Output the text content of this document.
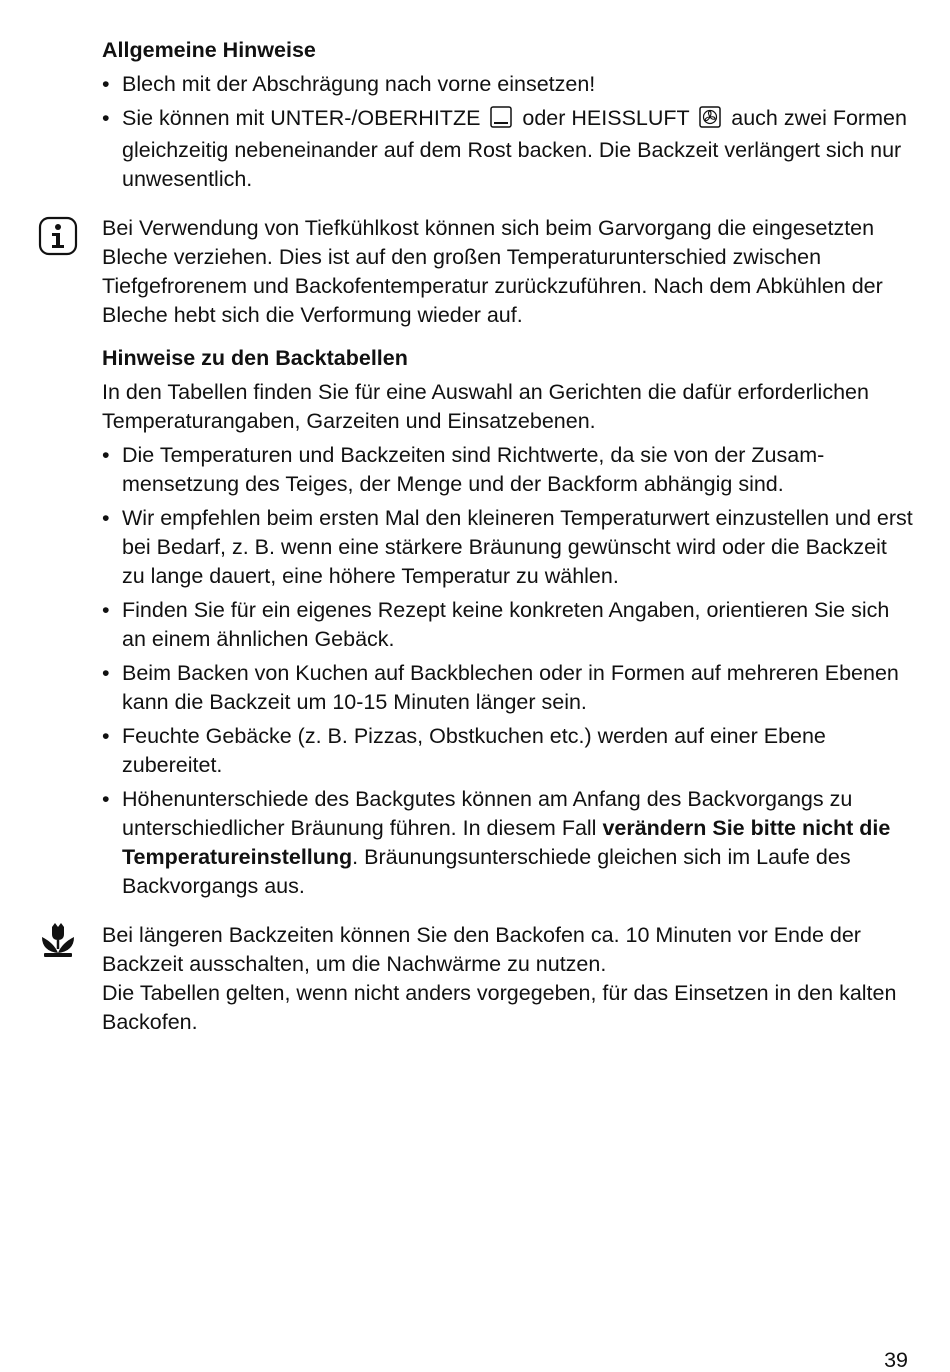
Allgemeine Hinweise
• Blech mit der Abschrägung nach vorne einsetzen!
• Sie können mit UNTER-/OBERHITZE oder HEISSLUFT auch zwei Formen gleichzeitig nebeneinander auf dem Rost backen. Die Backzeit verlängert sich nur unwesentlich.

Bei Verwendung von Tiefkühlkost können sich beim Garvorgang die eingesetzten Bleche verziehen. Dies ist auf den großen Temperaturunterschied zwischen Tiefgefrorenem und Backofentemperatur zurückzuführen. Nach dem Abkühlen der Bleche hebt sich die Verformung wieder auf.

Hinweise zu den Backtabellen

In den Tabellen finden Sie für eine Auswahl an Gerichten die dafür erforderlichen Temperaturangaben, Garzeiten und Einsatzebenen.

• Die Temperaturen und Backzeiten sind Richtwerte, da sie von der Zusammensetzung des Teiges, der Menge und der Backform abhängig sind.
• Wir empfehlen beim ersten Mal den kleineren Temperaturwert einzustellen und erst bei Bedarf, z. B. wenn eine stärkere Bräunung gewünscht wird oder die Backzeit zu lange dauert, eine höhere Temperatur zu wählen.
• Finden Sie für ein eigenes Rezept keine konkreten Angaben, orientieren Sie sich an einem ähnlichen Gebäck.
• Beim Backen von Kuchen auf Backblechen oder in Formen auf mehreren Ebenen kann die Backzeit um 10-15 Minuten länger sein.
• Feuchte Gebäcke (z. B. Pizzas, Obstkuchen etc.) werden auf einer Ebene zubereitet.
• Höhenunterschiede des Backgutes können am Anfang des Backvorgangs zu unterschiedlicher Bräunung führen. In diesem Fall verändern Sie bitte nicht die Temperatureinstellung. Bräunungsunterschiede gleichen sich im Laufe des Backvorgangs aus.

Bei längeren Backzeiten können Sie den Backofen ca. 10 Minuten vor Ende der Backzeit ausschalten, um die Nachwärme zu nutzen.

Die Tabellen gelten, wenn nicht anders vorgegeben, für das Einsetzen in den kalten Backofen.

39
